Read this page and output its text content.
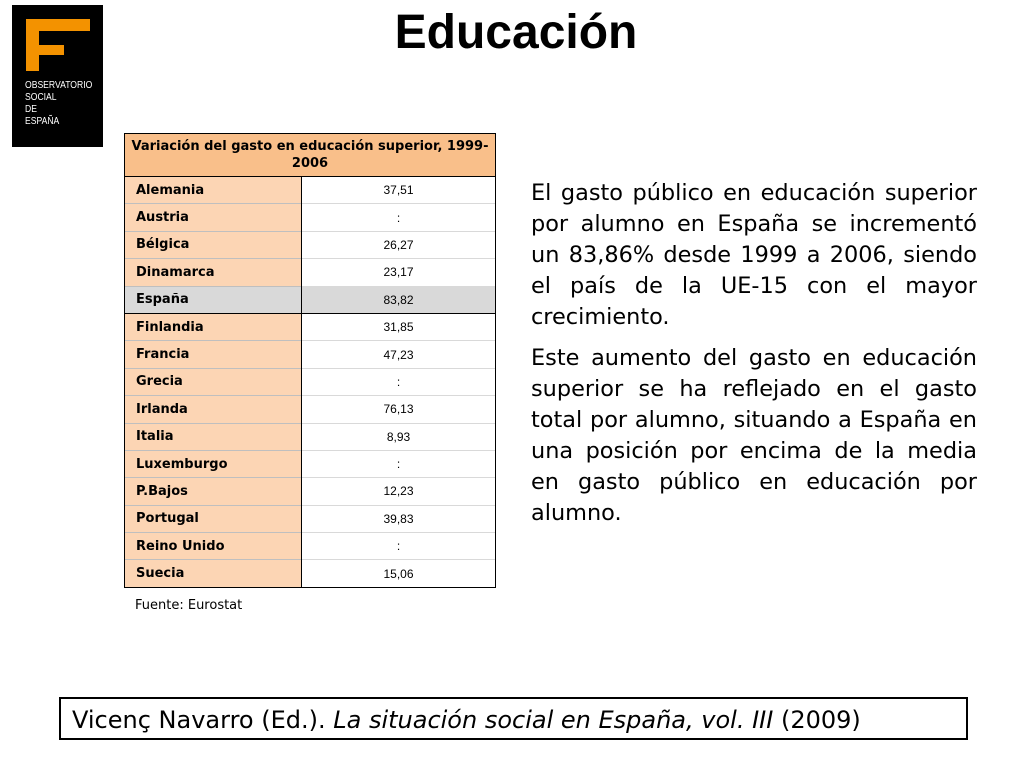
OBSERVATORIO
SOCIAL
DE
ESPAÑA
Educación
Variación del gasto en educación superior, 1999-2006	
Alemania	37,51
Austria	:
Bélgica	26,27
Dinamarca	23,17
España	83,82
Finlandia	31,85
Francia	47,23
Grecia	:
Irlanda	76,13
Italia	8,93
Luxemburgo	:
P.Bajos	12,23
Portugal	39,83
Reino Unido	:
Suecia	15,06
Fuente: Eurostat

El gasto público en educación superior por alumno en España se incrementó un 83,86% desde 1999 a 2006, siendo el país de la UE-15 con el mayor crecimiento.

Este aumento del gasto en educación superior se ha reflejado en el gasto total por alumno, situando a España en una posición por encima de la media en gasto público en educación por alumno.

Vicenç Navarro (Ed.). La situación social en España, vol. III (2009)
